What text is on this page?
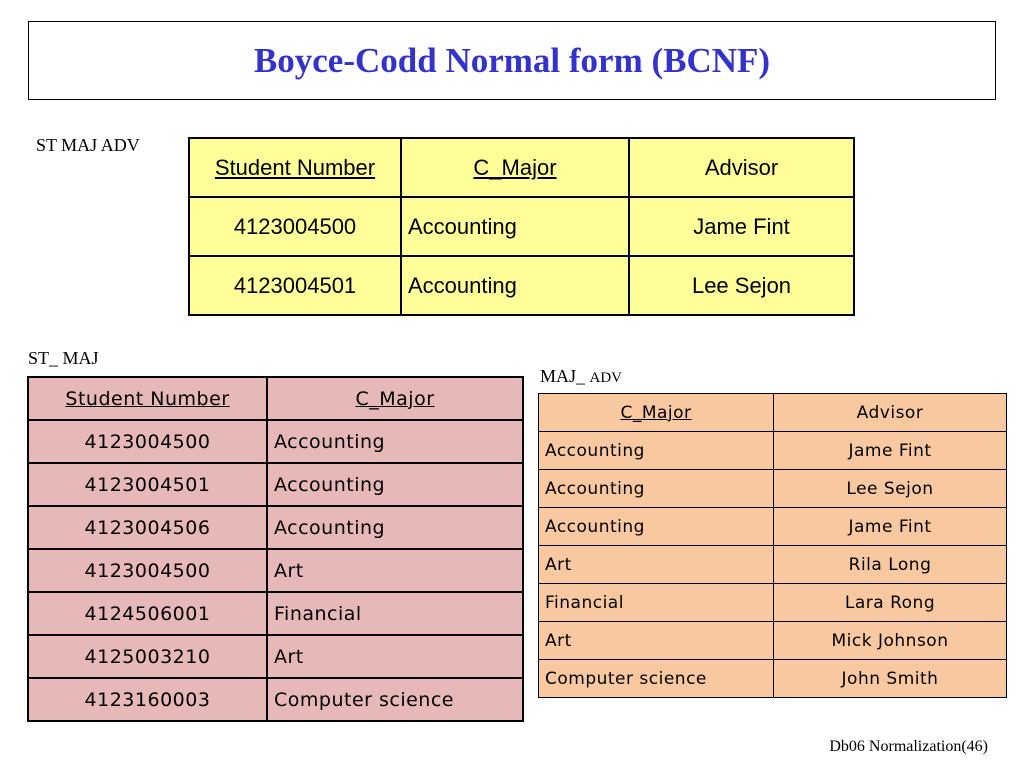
Boyce-Codd Normal form (BCNF)
ST MAJ ADV
Student Number	C_Major	Advisor
4123004500	Accounting	Jame Fint
4123004501	Accounting	Lee Sejon
ST_ MAJ
Student Number	C_Major
4123004500	Accounting
4123004501	Accounting
4123004506	Accounting
4123004500	Art
4124506001	Financial
4125003210	Art
4123160003	Computer science
MAJ_ ADV
C_Major	Advisor
Accounting	Jame Fint
Accounting	Lee Sejon
Accounting	Jame Fint
Art	Rila Long
Financial	Lara Rong
Art	Mick Johnson
Computer science	John Smith
Db06 Normalization(46)
